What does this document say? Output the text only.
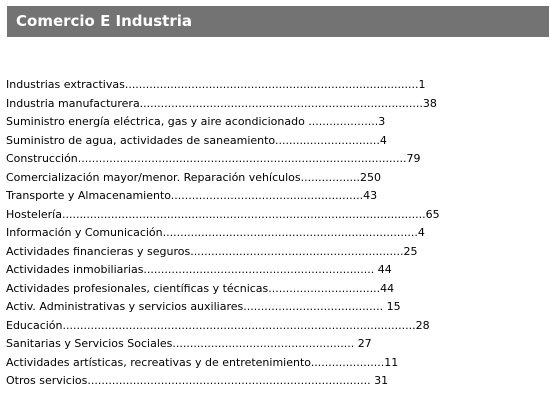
Comercio E Industria
Industrias extractivas....................................................................................1
Industria manufacturera.................................................................................38
Suministro energía eléctrica, gas y aire acondicionado ....................3
Suministro de agua, actividades de saneamiento..............................4
Construcción..............................................................................................79
Comercialización mayor/menor. Reparación vehículos.................250
Transporte y Almacenamiento.......................................................43
Hostelería........................................................................................................65
Información y Comunicación.........................................................................4
Actividades financieras y seguros.............................................................25
Actividades inmobiliarias.................................................................. 44
Actividades profesionales, científicas y técnicas................................44
Activ. Administrativas y servicios auxiliares........................................ 15
Educación.....................................................................................................28
Sanitarias y Servicios Sociales.................................................... 27
Actividades artísticas, recreativas y de entretenimiento.....................11
Otros servicios................................................................................. 31
